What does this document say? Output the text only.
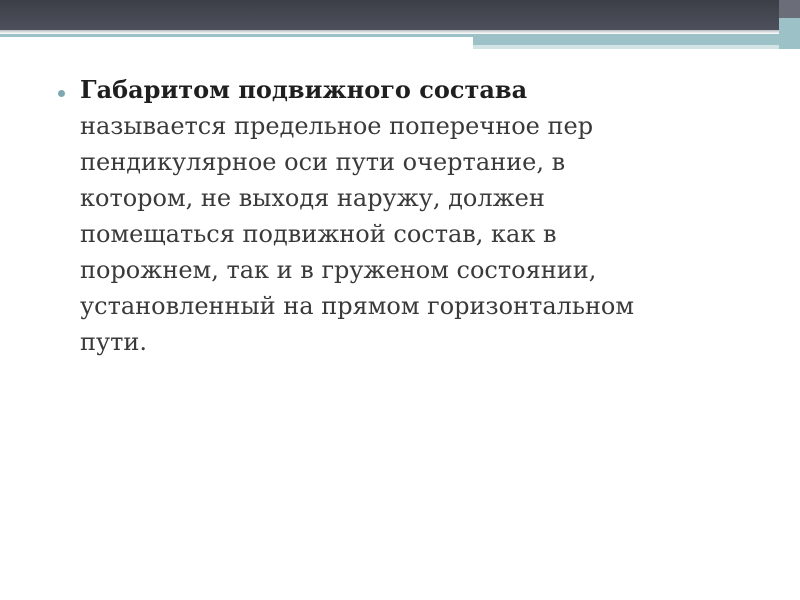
Габаритом подвижного состава
называется предельное поперечное пер
пендикулярное оси пути очертание, в
котором, не выходя наружу, должен
помещаться подвижной состав, как в
порожнем, так и в груженом состоянии,
установленный на прямом горизонтальном
пути.
